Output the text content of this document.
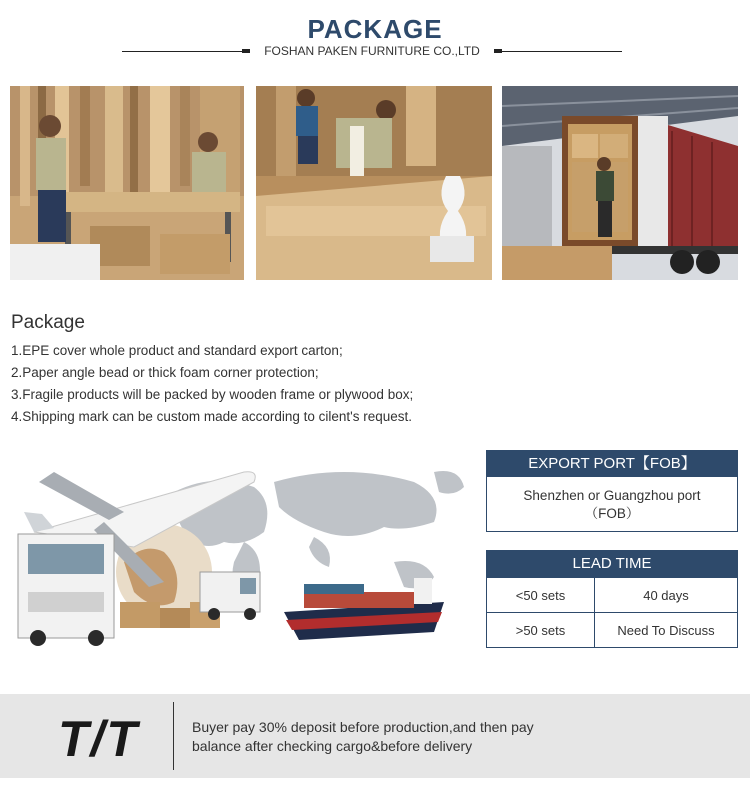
PACKAGE
FOSHAN PAKEN FURNITURE CO.,LTD
Package
1.EPE cover whole product and standard export carton;
2.Paper angle bead or thick foam corner protection;
3.Fragile products will be packed by wooden frame or plywood box;
4.Shipping mark can be custom made according to cilent's request.
EXPORT PORT【FOB】
Shenzhen or Guangzhou port
（FOB）
LEAD TIME
<50 sets	40 days
>50 sets	Need To Discuss
T/T	Buyer pay 30% deposit before production,and then pay
balance after checking cargo&before delivery
